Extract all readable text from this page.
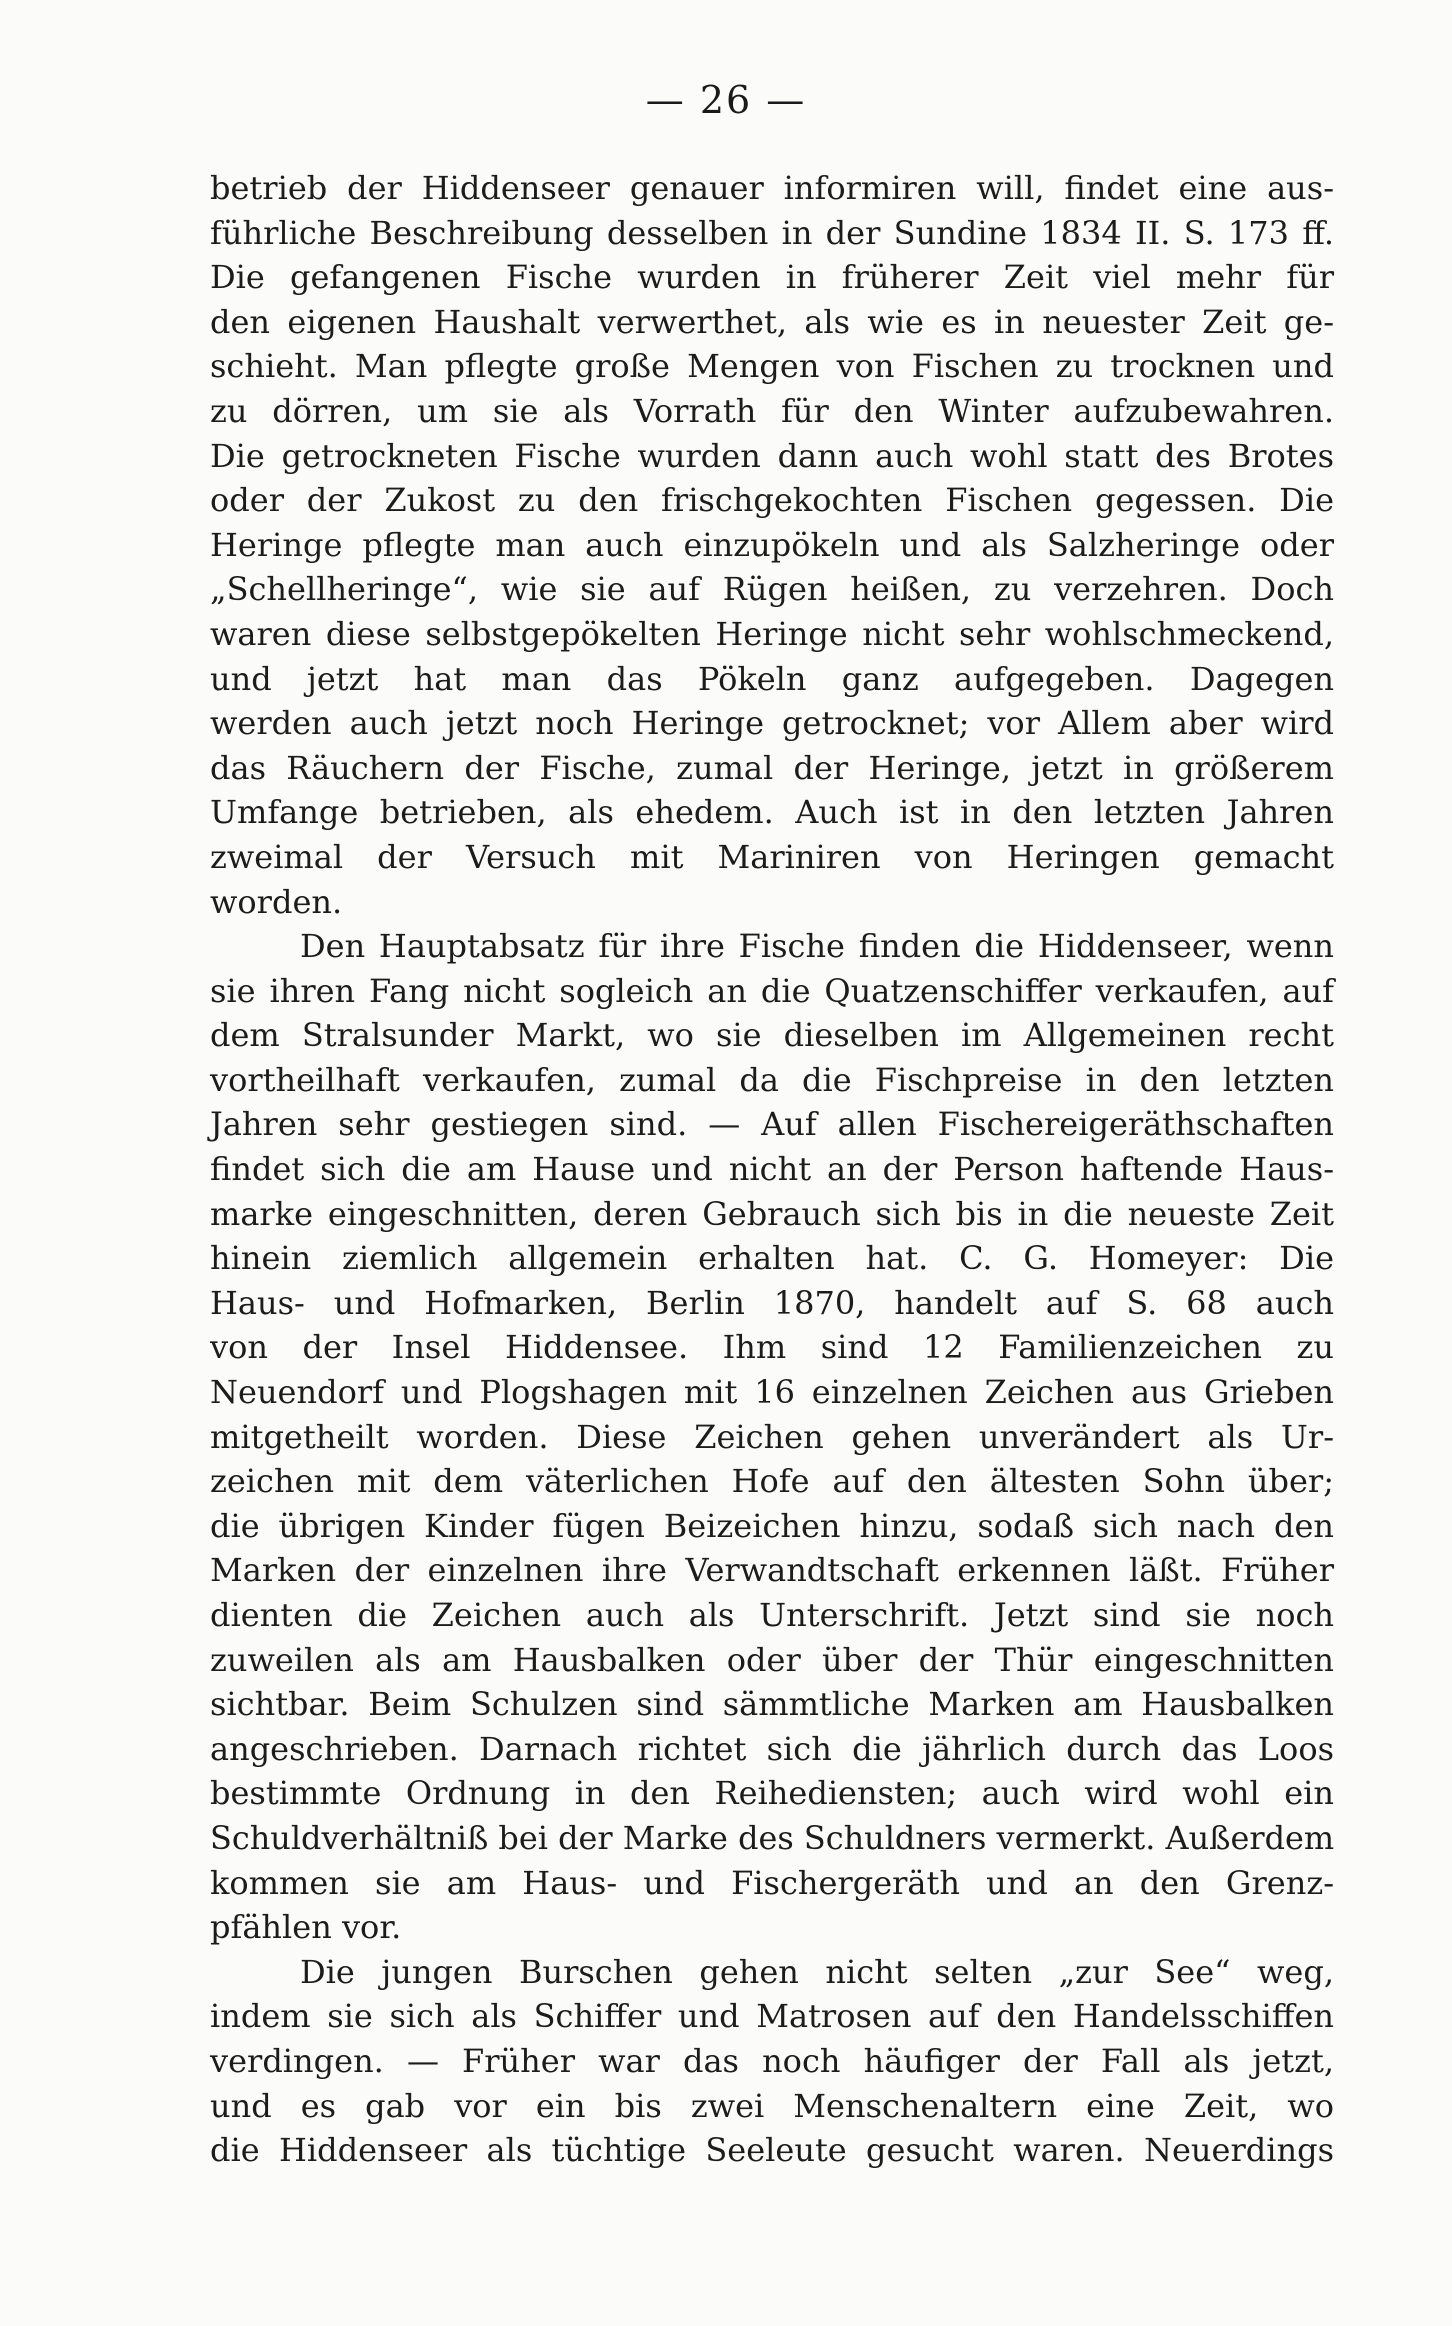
— 26 —
betrieb der Hiddenseer genauer informiren will, findet eine aus-
führliche Beschreibung desselben in der Sundine 1834 II. S. 173 ff.
Die gefangenen Fische wurden in früherer Zeit viel mehr für
den eigenen Haushalt verwerthet, als wie es in neuester Zeit ge-
schieht. Man pflegte große Mengen von Fischen zu trocknen und
zu dörren, um sie als Vorrath für den Winter aufzubewahren.
Die getrockneten Fische wurden dann auch wohl statt des Brotes
oder der Zukost zu den frischgekochten Fischen gegessen. Die
Heringe pflegte man auch einzupökeln und als Salzheringe oder
„Schellheringe“, wie sie auf Rügen heißen, zu verzehren. Doch
waren diese selbstgepökelten Heringe nicht sehr wohlschmeckend,
und jetzt hat man das Pökeln ganz aufgegeben. Dagegen
werden auch jetzt noch Heringe getrocknet; vor Allem aber wird
das Räuchern der Fische, zumal der Heringe, jetzt in größerem
Umfange betrieben, als ehedem. Auch ist in den letzten Jahren
zweimal der Versuch mit Mariniren von Heringen gemacht
worden.
Den Hauptabsatz für ihre Fische finden die Hiddenseer, wenn
sie ihren Fang nicht sogleich an die Quatzenschiffer verkaufen, auf
dem Stralsunder Markt, wo sie dieselben im Allgemeinen recht
vortheilhaft verkaufen, zumal da die Fischpreise in den letzten
Jahren sehr gestiegen sind. — Auf allen Fischereigeräthschaften
findet sich die am Hause und nicht an der Person haftende Haus-
marke eingeschnitten, deren Gebrauch sich bis in die neueste Zeit
hinein ziemlich allgemein erhalten hat. C. G. Homeyer: Die
Haus- und Hofmarken, Berlin 1870, handelt auf S. 68 auch
von der Insel Hiddensee. Ihm sind 12 Familienzeichen zu
Neuendorf und Plogshagen mit 16 einzelnen Zeichen aus Grieben
mitgetheilt worden. Diese Zeichen gehen unverändert als Ur-
zeichen mit dem väterlichen Hofe auf den ältesten Sohn über;
die übrigen Kinder fügen Beizeichen hinzu, sodaß sich nach den
Marken der einzelnen ihre Verwandtschaft erkennen läßt. Früher
dienten die Zeichen auch als Unterschrift. Jetzt sind sie noch
zuweilen als am Hausbalken oder über der Thür eingeschnitten
sichtbar. Beim Schulzen sind sämmtliche Marken am Hausbalken
angeschrieben. Darnach richtet sich die jährlich durch das Loos
bestimmte Ordnung in den Reihediensten; auch wird wohl ein
Schuldverhältniß bei der Marke des Schuldners vermerkt. Außerdem
kommen sie am Haus- und Fischergeräth und an den Grenz-
pfählen vor.
Die jungen Burschen gehen nicht selten „zur See“ weg,
indem sie sich als Schiffer und Matrosen auf den Handelsschiffen
verdingen. — Früher war das noch häufiger der Fall als jetzt,
und es gab vor ein bis zwei Menschenaltern eine Zeit, wo
die Hiddenseer als tüchtige Seeleute gesucht waren. Neuerdings
